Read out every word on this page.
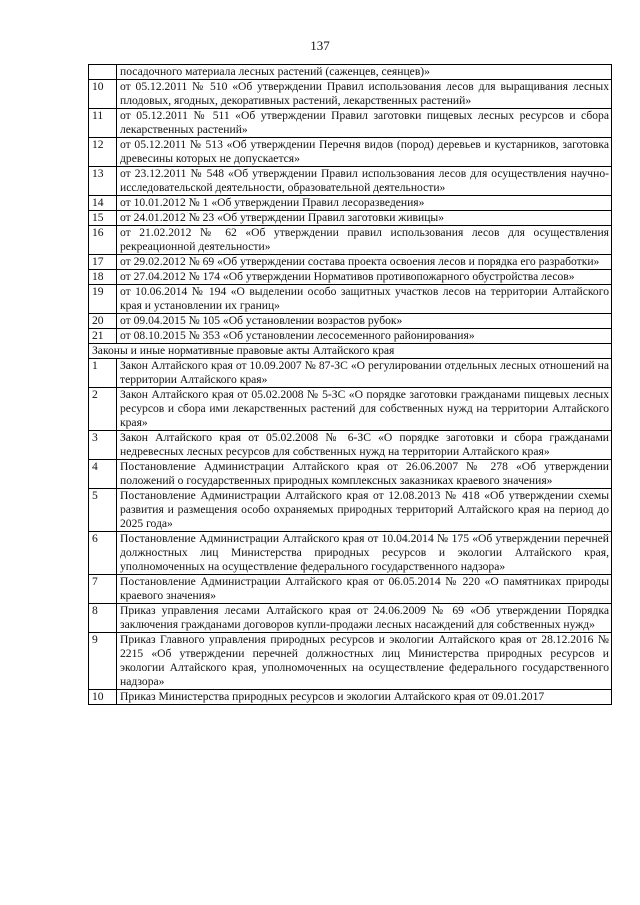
137
	посадочного материала лесных растений (саженцев, сеянцев)»
10	от 05.12.2011 № 510 «Об утверждении Правил использования лесов для выращивания лесных плодовых, ягодных, декоративных растений, лекарственных растений»
11	от 05.12.2011 № 511 «Об утверждении Правил заготовки пищевых лесных ресурсов и сбора лекарственных растений»
12	от 05.12.2011 № 513 «Об утверждении Перечня видов (пород) деревьев и кустарников, заготовка древесины которых не допускается»
13	от 23.12.2011 № 548 «Об утверждении Правил использования лесов для осуществления научно-исследовательской деятельности, образовательной деятельности»
14	от 10.01.2012 № 1 «Об утверждении Правил лесоразведения»
15	от 24.01.2012 № 23 «Об утверждении Правил заготовки живицы»
16	от 21.02.2012 № 62 «Об утверждении правил использования лесов для осуществления рекреационной деятельности»
17	от 29.02.2012 № 69 «Об утверждении состава проекта освоения лесов и порядка его разработки»
18	от 27.04.2012 № 174 «Об утверждении Нормативов противопожарного обустройства лесов»
19	от 10.06.2014 № 194 «О выделении особо защитных участков лесов на территории Алтайского края и установлении их границ»
20	от 09.04.2015 № 105 «Об установлении возрастов рубок»
21	от 08.10.2015 № 353 «Об установлении лесосеменного районирования»
Законы и иные нормативные правовые акты Алтайского края	
1	Закон Алтайского края от 10.09.2007 № 87-ЗС «О регулировании отдельных лесных отношений на территории Алтайского края»
2	Закон Алтайского края от 05.02.2008 № 5-ЗС «О порядке заготовки гражданами пищевых лесных ресурсов и сбора ими лекарственных растений для собственных нужд на территории Алтайского края»
3	Закон Алтайского края от 05.02.2008 № 6-ЗС «О порядке заготовки и сбора гражданами недревесных лесных ресурсов для собственных нужд на территории Алтайского края»
4	Постановление Администрации Алтайского края от 26.06.2007 № 278 «Об утверждении положений о государственных природных комплексных заказниках краевого значения»
5	Постановление Администрации Алтайского края от 12.08.2013 № 418 «Об утверждении схемы развития и размещения особо охраняемых природных территорий Алтайского края на период до 2025 года»
6	Постановление Администрации Алтайского края от 10.04.2014 № 175 «Об утверждении перечней должностных лиц Министерства природных ресурсов и экологии Алтайского края, уполномоченных на осуществление федерального государственного надзора»
7	Постановление Администрации Алтайского края от 06.05.2014 № 220 «О памятниках природы краевого значения»
8	Приказ управления лесами Алтайского края от 24.06.2009 № 69 «Об утверждении Порядка заключения гражданами договоров купли-продажи лесных насаждений для собственных нужд»
9	Приказ Главного управления природных ресурсов и экологии Алтайского края от 28.12.2016 № 2215 «Об утверждении перечней должностных лиц Министерства природных ресурсов и экологии Алтайского края, уполномоченных на осуществление федерального государственного надзора»
10	Приказ Министерства природных ресурсов и экологии Алтайского края от 09.01.2017
